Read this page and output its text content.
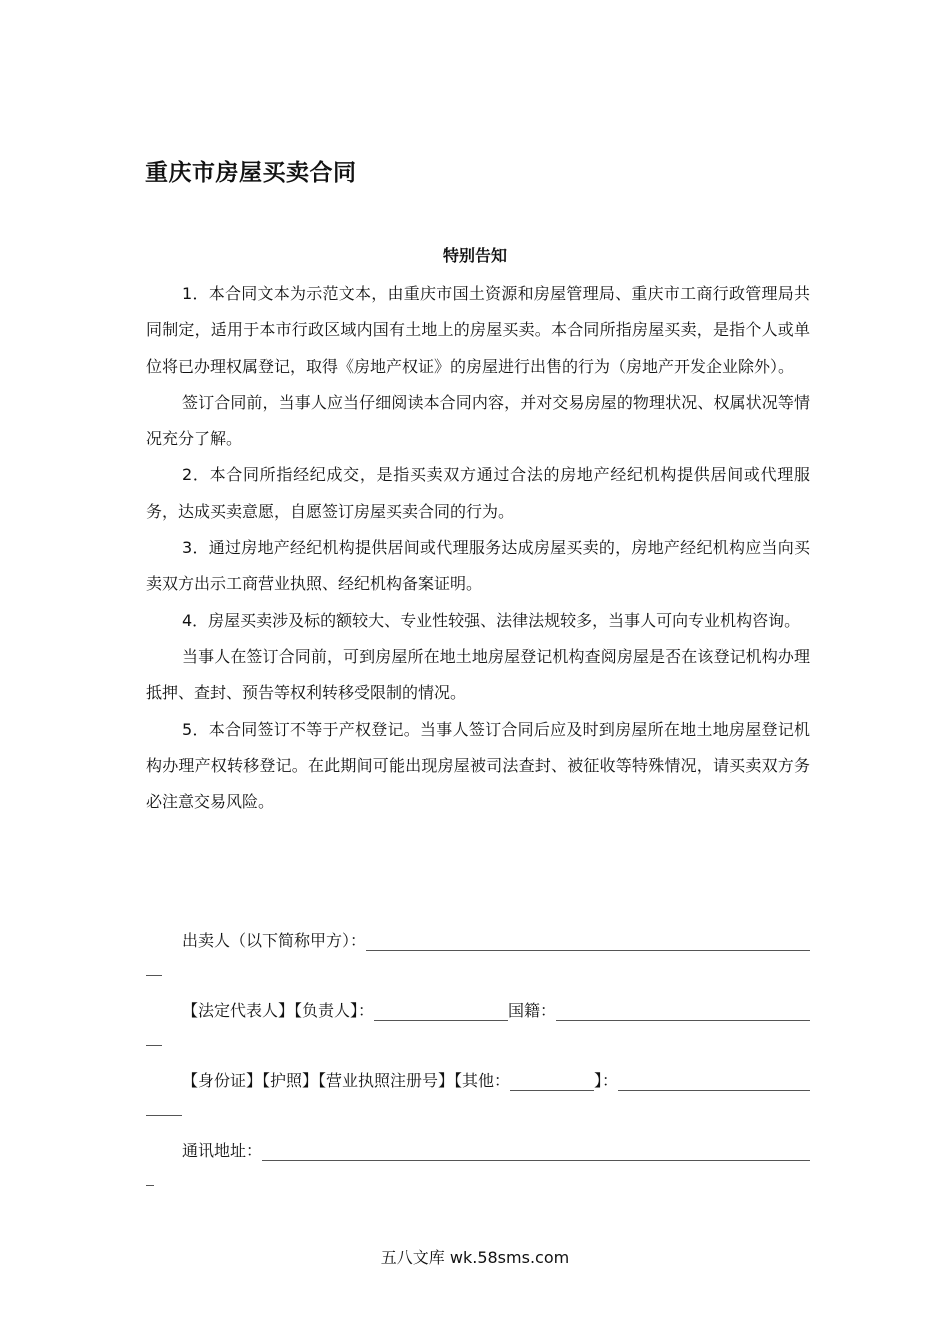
重庆市房屋买卖合同
特别告知

1．本合同文本为示范文本，由重庆市国土资源和房屋管理局、重庆市工商行政管理局共同制定，适用于本市行政区域内国有土地上的房屋买卖。本合同所指房屋买卖，是指个人或单位将已办理权属登记，取得《房地产权证》的房屋进行出售的行为（房地产开发企业除外）。

签订合同前，当事人应当仔细阅读本合同内容，并对交易房屋的物理状况、权属状况等情况充分了解。

2．本合同所指经纪成交，是指买卖双方通过合法的房地产经纪机构提供居间或代理服务，达成买卖意愿，自愿签订房屋买卖合同的行为。

3．通过房地产经纪机构提供居间或代理服务达成房屋买卖的，房地产经纪机构应当向买卖双方出示工商营业执照、经纪机构备案证明。

4．房屋买卖涉及标的额较大、专业性较强、法律法规较多，当事人可向专业机构咨询。

当事人在签订合同前，可到房屋所在地土地房屋登记机构查阅房屋是否在该登记机构办理抵押、查封、预告等权利转移受限制的情况。

5．本合同签订不等于产权登记。当事人签订合同后应及时到房屋所在地土地房屋登记机构办理产权转移登记。在此期间可能出现房屋被司法查封、被征收等特殊情况，请买卖双方务必注意交易风险。

出卖人（以下简称甲方）：
【法定代表人】【负责人】：	国籍：
【身份证】【护照】【营业执照注册号】【其他：	】：
通讯地址：
五八文库 wk.58sms.com
